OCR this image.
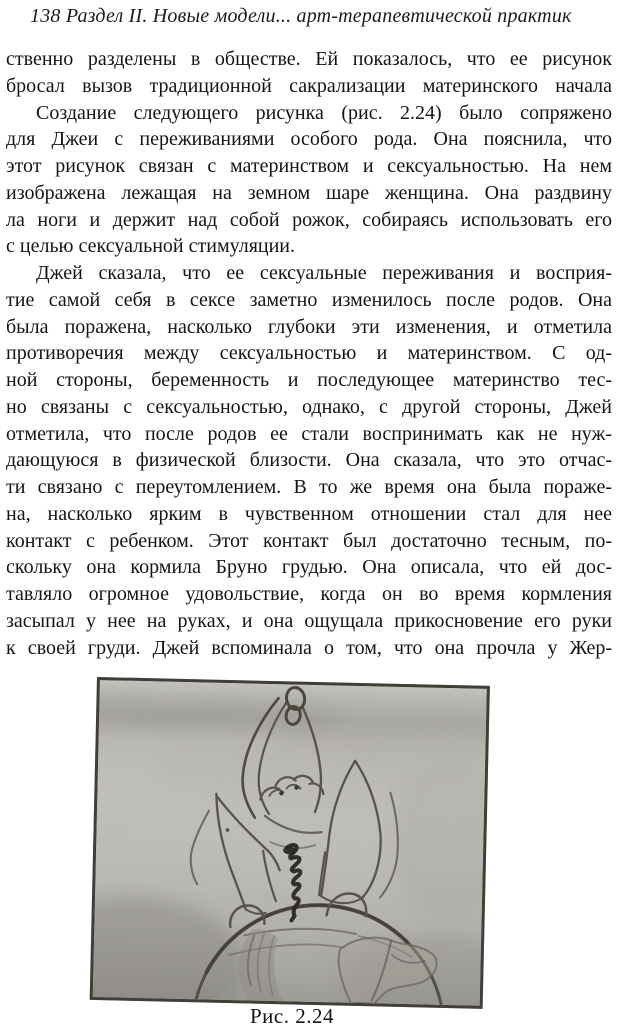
138 Раздел II. Новые модели... арт-терапевтической практик
ственно разделены в обществе. Ей показалось, что ее рисунок
бросал вызов традиционной сакрализации материнского начала
Создание следующего рисунка (рис. 2.24) было сопряжено
для Джеи с переживаниями особого рода. Она пояснила, что
этот рисунок связан с материнством и сексуальностью. На нем
изображена лежащая на земном шаре женщина. Она раздвину
ла ноги и держит над собой рожок, собираясь использовать его
с целью сексуальной стимуляции.
Джей сказала, что ее сексуальные переживания и восприя-
тие самой себя в сексе заметно изменилось после родов. Она
была поражена, насколько глубоки эти изменения, и отметила
противоречия между сексуальностью и материнством. С од-
ной стороны, беременность и последующее материнство тес-
но связаны с сексуальностью, однако, с другой стороны, Джей
отметила, что после родов ее стали воспринимать как не нуж-
дающуюся в физической близости. Она сказала, что это отчас-
ти связано с переутомлением. В то же время она была пораже-
на, насколько ярким в чувственном отношении стал для нее
контакт с ребенком. Этот контакт был достаточно тесным, по-
скольку она кормила Бруно грудью. Она описала, что ей дос-
тавляло огромное удовольствие, когда он во время кормления
засыпал у нее на руках, и она ощущала прикосновение его руки
к своей груди. Джей вспоминала о том, что она прочла у Жер-
Рис. 2.24
